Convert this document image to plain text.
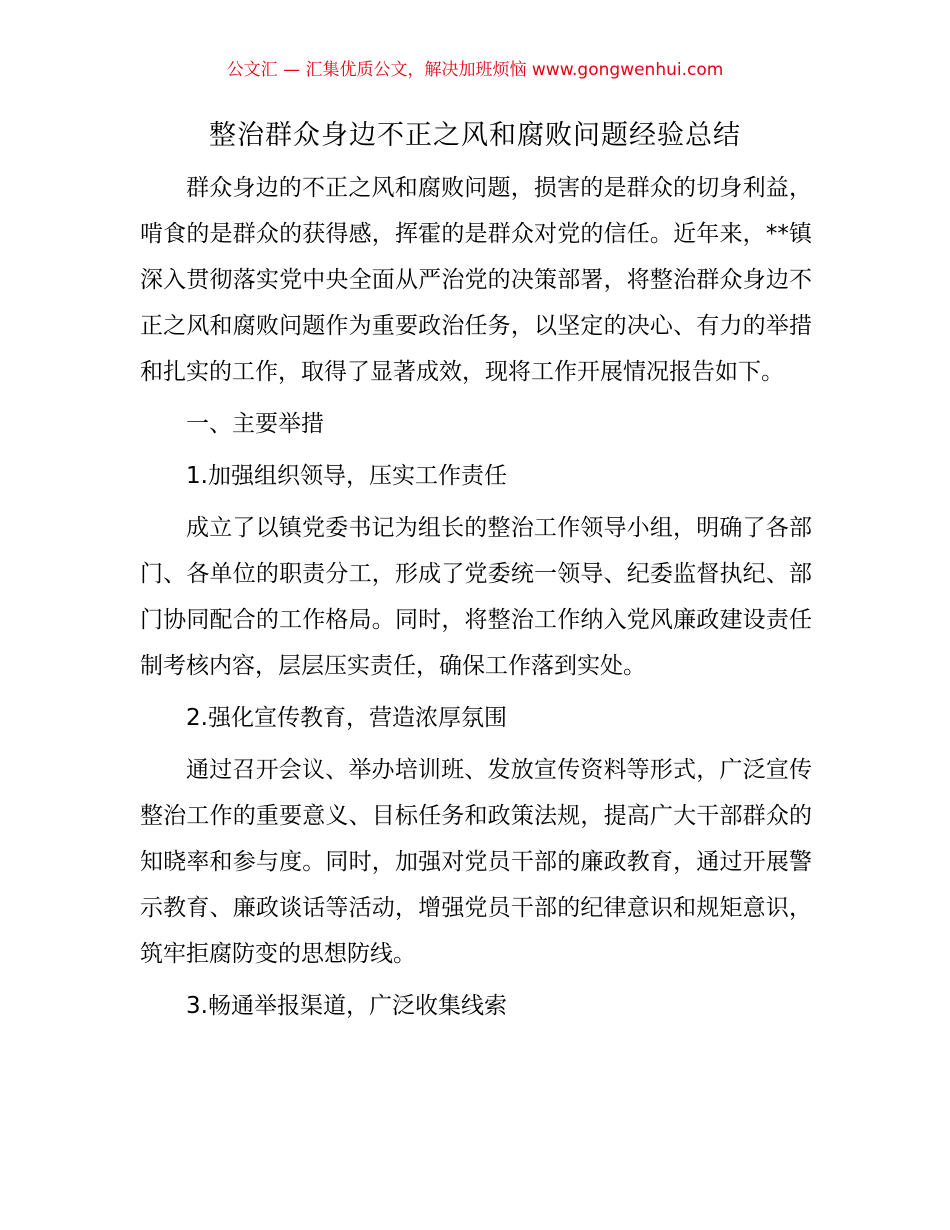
公文汇 — 汇集优质公文，解决加班烦恼 www.gongwenhui.com
整治群众身边不正之风和腐败问题经验总结

群众身边的不正之风和腐败问题，损害的是群众的切身利益，啃食的是群众的获得感，挥霍的是群众对党的信任。近年来，**镇深入贯彻落实党中央全面从严治党的决策部署，将整治群众身边不正之风和腐败问题作为重要政治任务，以坚定的决心、有力的举措和扎实的工作，取得了显著成效，现将工作开展情况报告如下。

一、主要举措

1.加强组织领导，压实工作责任

成立了以镇党委书记为组长的整治工作领导小组，明确了各部门、各单位的职责分工，形成了党委统一领导、纪委监督执纪、部门协同配合的工作格局。同时，将整治工作纳入党风廉政建设责任制考核内容，层层压实责任，确保工作落到实处。

2.强化宣传教育，营造浓厚氛围

通过召开会议、举办培训班、发放宣传资料等形式，广泛宣传整治工作的重要意义、目标任务和政策法规，提高广大干部群众的知晓率和参与度。同时，加强对党员干部的廉政教育，通过开展警示教育、廉政谈话等活动，增强党员干部的纪律意识和规矩意识，筑牢拒腐防变的思想防线。

3.畅通举报渠道，广泛收集线索
